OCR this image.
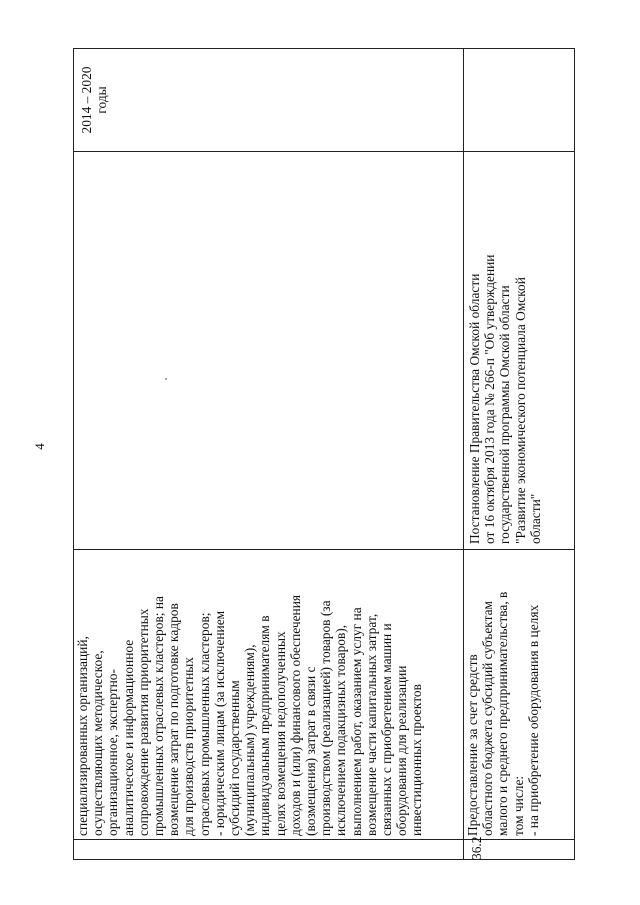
4
специализированных организаций, осуществляющих методическое, организационное, экспертно- аналитическое и информационное сопровождение развития приоритетных промышленных отраслевых кластеров; на возмещение затрат по подготовке кадров для производств приоритетных отраслевых промышленных кластеров; - юридическим лицам (за исключением субсидий государственным (муниципальным) учреждениям), индивидуальным предпринимателям в целях возмещения недополученных доходов и (или) финансового обеспечения (возмещения) затрат в связи с производством (реализацией) товаров (за исключением подакцизных товаров), выполнением работ, оказанием услуг на возмещение части капитальных затрат, связанных с приобретением машин и оборудования для реализации инвестиционных проектов
36.2
Предоставление за счет средств областного бюджета субсидий субъектам малого и среднего предпринимательства, в том числе: - на приобретение оборудования в целях
Постановление Правительства Омской области от 16 октября 2013 года № 266-п "Об утверждении государственной программы Омской области "Развитие экономического потенциала Омской области"
2014 – 2020 годы
